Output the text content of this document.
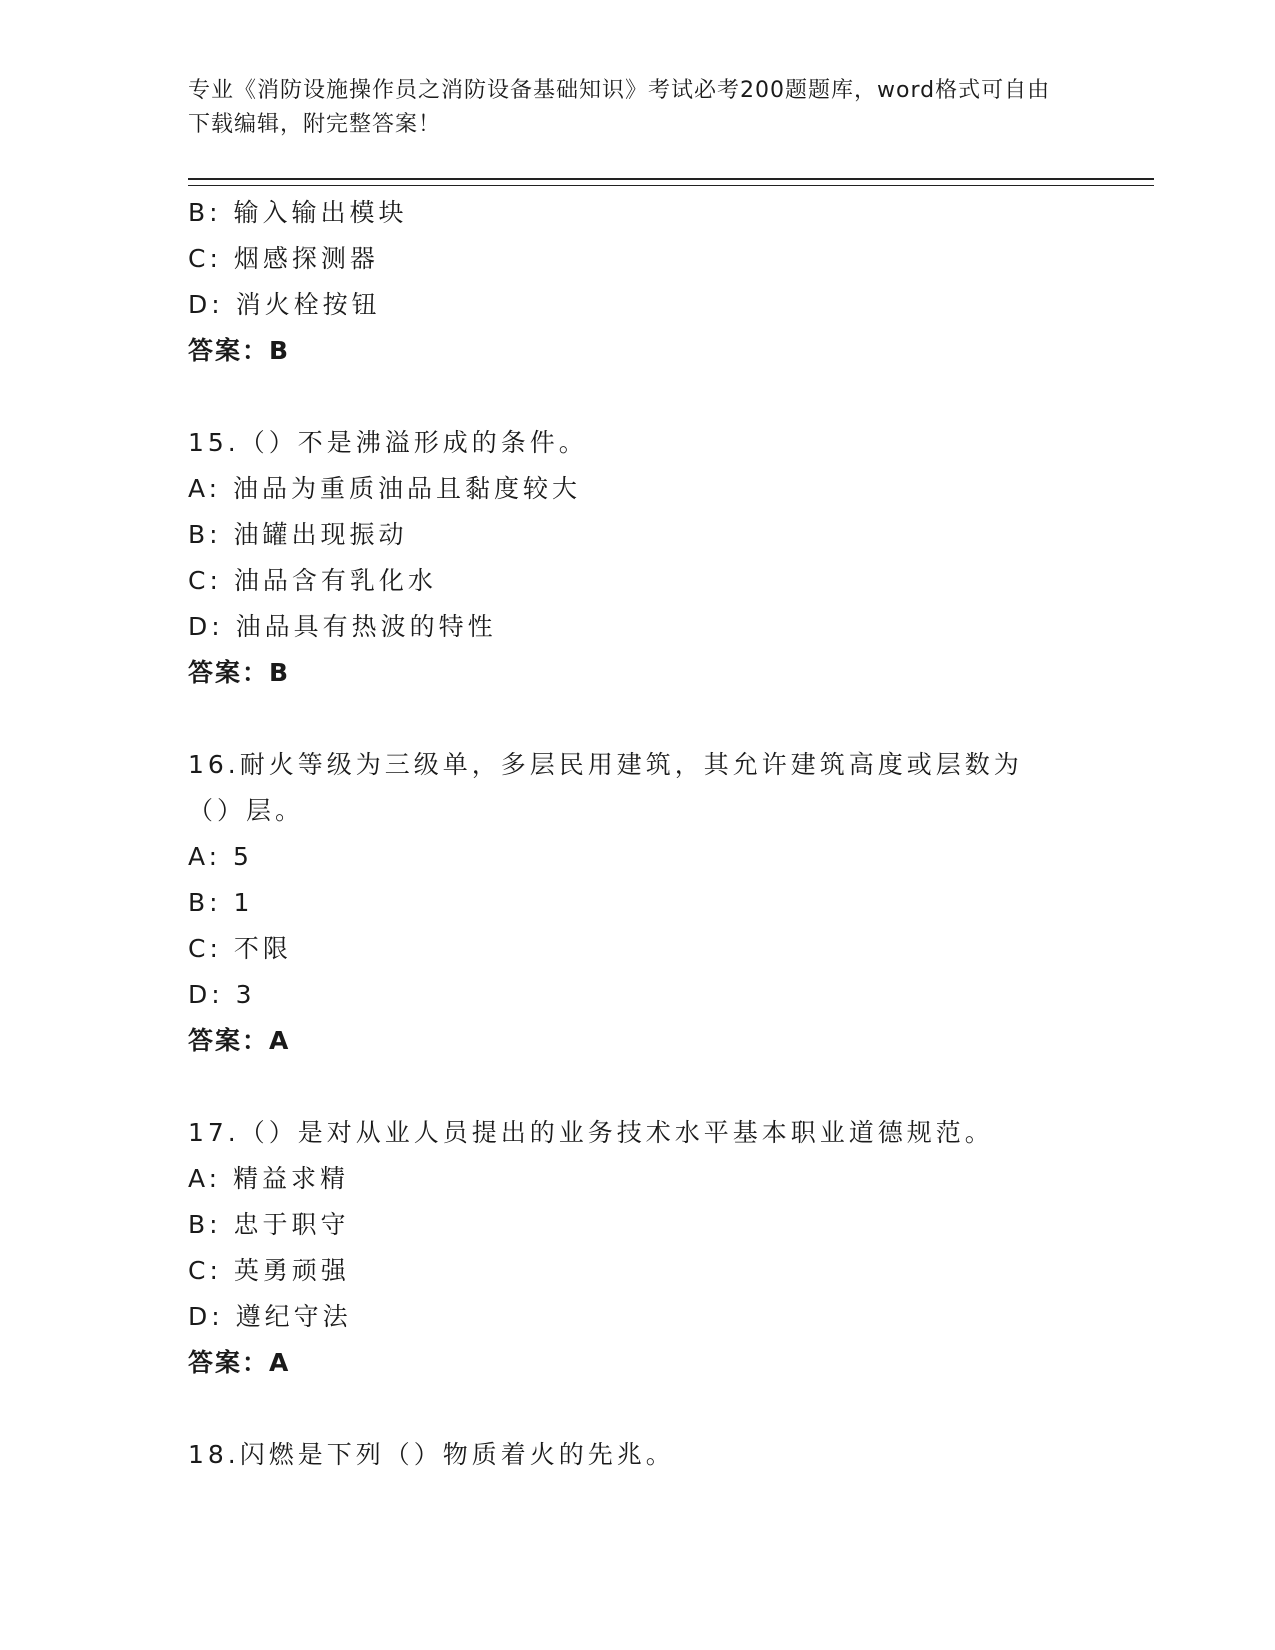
专业《消防设施操作员之消防设备基础知识》考试必考200题题库，word格式可自由下载编辑，附完整答案！
B: 输入输出模块
C: 烟感探测器
D: 消火栓按钮
答案：B
15.（）不是沸溢形成的条件。
A: 油品为重质油品且黏度较大
B: 油罐出现振动
C: 油品含有乳化水
D: 油品具有热波的特性
答案：B
16.耐火等级为三级单，多层民用建筑，其允许建筑高度或层数为（）层。
A: 5
B: 1
C: 不限
D: 3
答案：A
17.（）是对从业人员提出的业务技术水平基本职业道德规范。
A: 精益求精
B: 忠于职守
C: 英勇顽强
D: 遵纪守法
答案：A
18.闪燃是下列（）物质着火的先兆。
